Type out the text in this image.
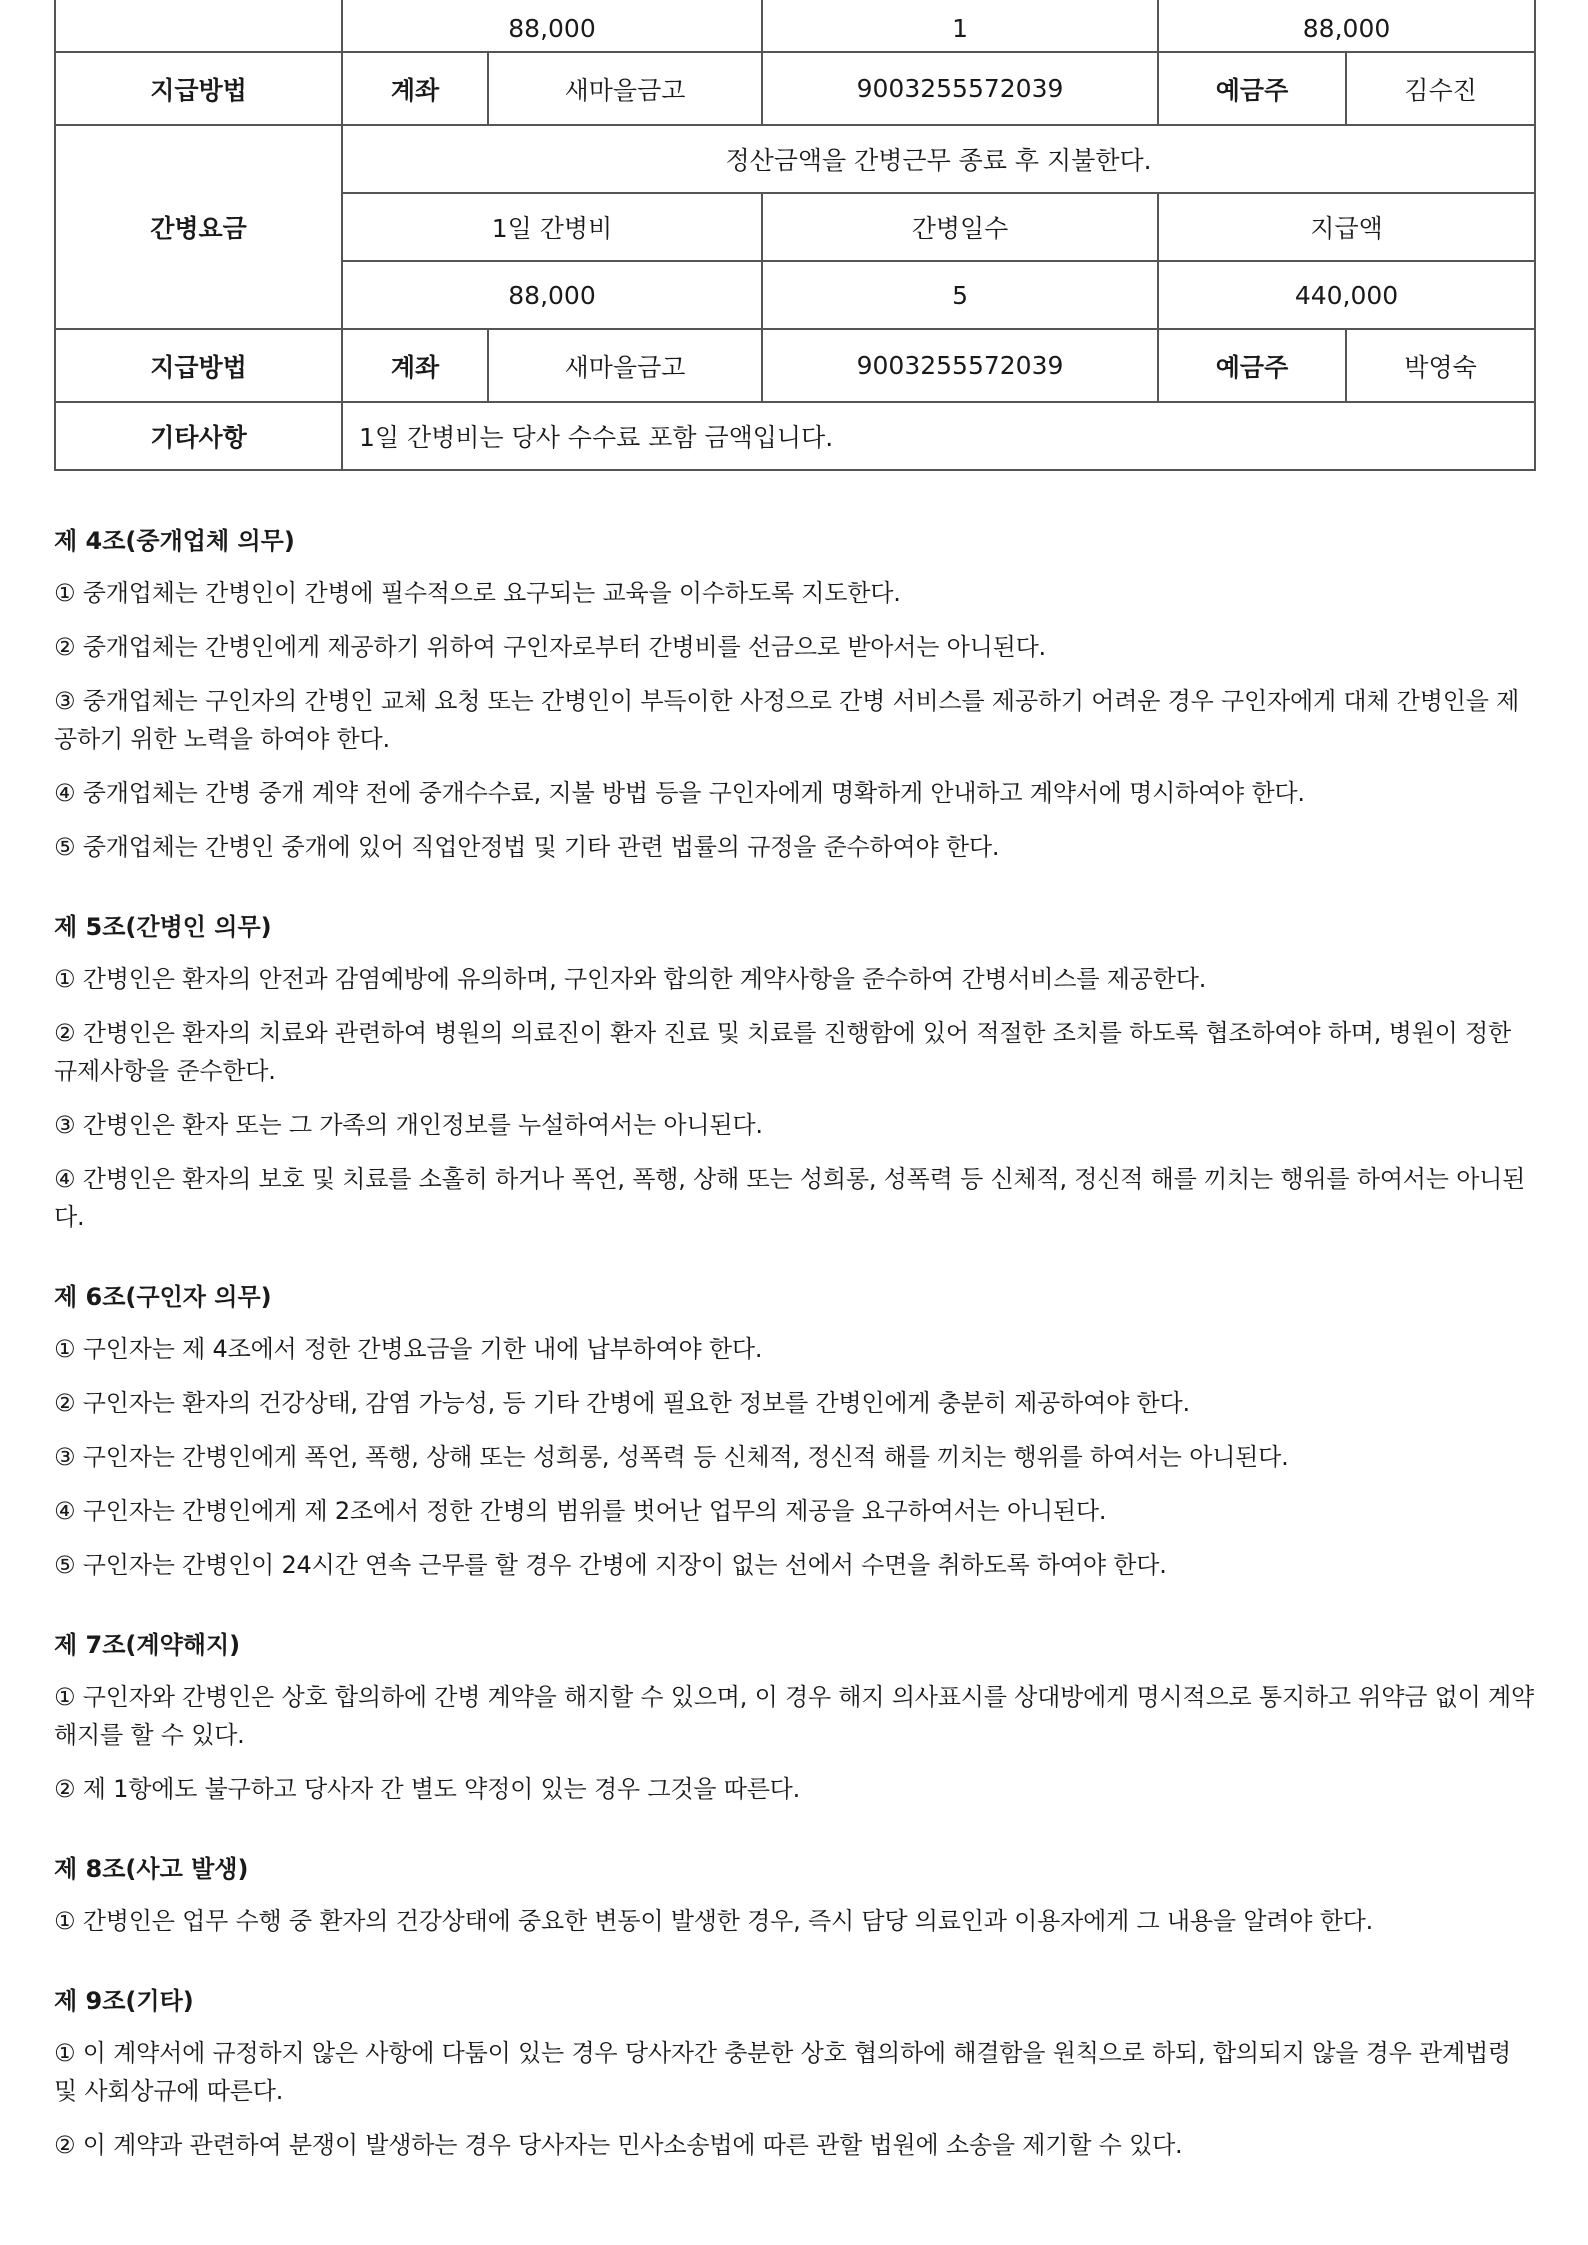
	88,000		1	88,000	
지급방법	계좌	새마을금고	9003255572039	예금주	김수진
간병요금	정산금액을 간병근무 종료 후 지불한다.				
	1일 간병비		간병일수	지급액	
	88,000		5	440,000	
지급방법	계좌	새마을금고	9003255572039	예금주	박영숙
기타사항	1일 간병비는 당사 수수료 포함 금액입니다.				
제 4조(중개업체 의무)
① 중개업체는 간병인이 간병에 필수적으로 요구되는 교육을 이수하도록 지도한다.
② 중개업체는 간병인에게 제공하기 위하여 구인자로부터 간병비를 선금으로 받아서는 아니된다.
③ 중개업체는 구인자의 간병인 교체 요청 또는 간병인이 부득이한 사정으로 간병 서비스를 제공하기 어려운 경우 구인자에게 대체 간병인을 제공하기 위한 노력을 하여야 한다.
④ 중개업체는 간병 중개 계약 전에 중개수수료, 지불 방법 등을 구인자에게 명확하게 안내하고 계약서에 명시하여야 한다.
⑤ 중개업체는 간병인 중개에 있어 직업안정법 및 기타 관련 법률의 규정을 준수하여야 한다.
제 5조(간병인 의무)
① 간병인은 환자의 안전과 감염예방에 유의하며, 구인자와 합의한 계약사항을 준수하여 간병서비스를 제공한다.
② 간병인은 환자의 치료와 관련하여 병원의 의료진이 환자 진료 및 치료를 진행함에 있어 적절한 조치를 하도록 협조하여야 하며, 병원이 정한 규제사항을 준수한다.
③ 간병인은 환자 또는 그 가족의 개인정보를 누설하여서는 아니된다.
④ 간병인은 환자의 보호 및 치료를 소홀히 하거나 폭언, 폭행, 상해 또는 성희롱, 성폭력 등 신체적, 정신적 해를 끼치는 행위를 하여서는 아니된다.
제 6조(구인자 의무)
① 구인자는 제 4조에서 정한 간병요금을 기한 내에 납부하여야 한다.
② 구인자는 환자의 건강상태, 감염 가능성, 등 기타 간병에 필요한 정보를 간병인에게 충분히 제공하여야 한다.
③ 구인자는 간병인에게 폭언, 폭행, 상해 또는 성희롱, 성폭력 등 신체적, 정신적 해를 끼치는 행위를 하여서는 아니된다.
④ 구인자는 간병인에게 제 2조에서 정한 간병의 범위를 벗어난 업무의 제공을 요구하여서는 아니된다.
⑤ 구인자는 간병인이 24시간 연속 근무를 할 경우 간병에 지장이 없는 선에서 수면을 취하도록 하여야 한다.
제 7조(계약해지)
① 구인자와 간병인은 상호 합의하에 간병 계약을 해지할 수 있으며, 이 경우 해지 의사표시를 상대방에게 명시적으로 통지하고 위약금 없이 계약해지를 할 수 있다.
② 제 1항에도 불구하고 당사자 간 별도 약정이 있는 경우 그것을 따른다.
제 8조(사고 발생)
① 간병인은 업무 수행 중 환자의 건강상태에 중요한 변동이 발생한 경우, 즉시 담당 의료인과 이용자에게 그 내용을 알려야 한다.
제 9조(기타)
① 이 계약서에 규정하지 않은 사항에 다툼이 있는 경우 당사자간 충분한 상호 협의하에 해결함을 원칙으로 하되, 합의되지 않을 경우 관계법령 및 사회상규에 따른다.
② 이 계약과 관련하여 분쟁이 발생하는 경우 당사자는 민사소송법에 따른 관할 법원에 소송을 제기할 수 있다.
